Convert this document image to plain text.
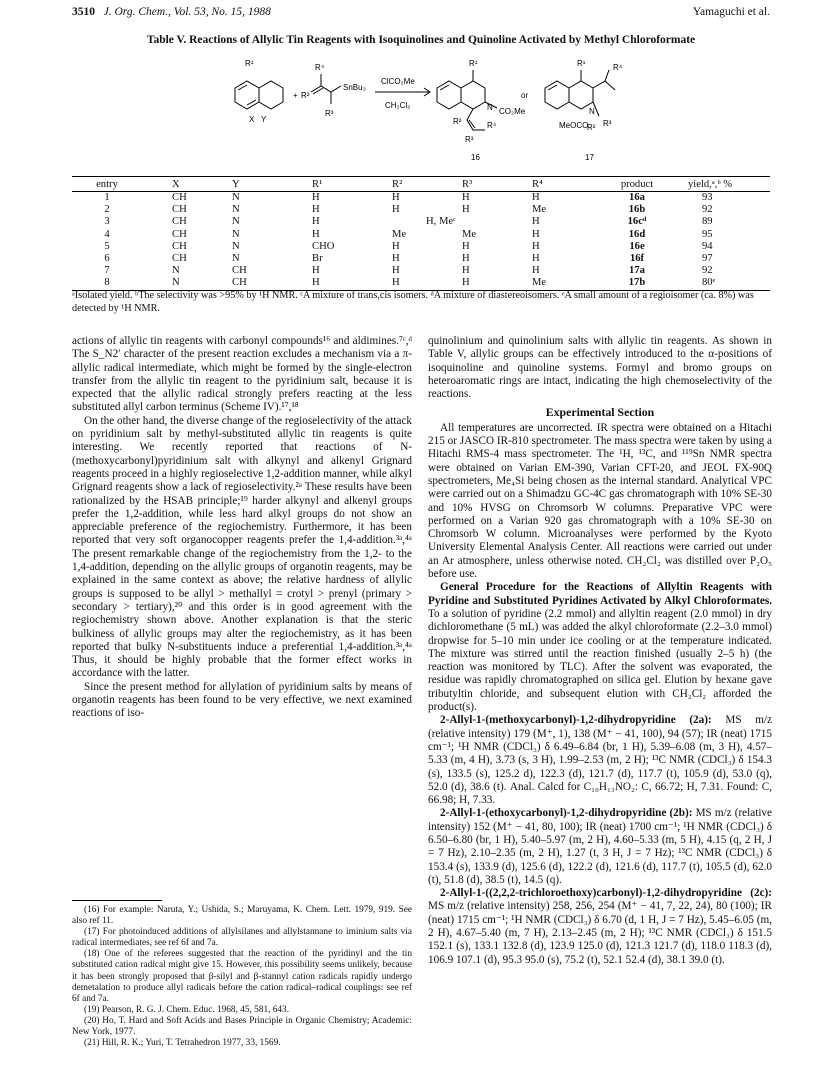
3510 J. Org. Chem., Vol. 53, No. 15, 1988	Yamaguchi et al.
Table V. Reactions of Allylic Tin Reagents with Isoquinolines and Quinoline Activated by Methyl Chloroformate
R¹
X Y
+ R²
R⁴
SnBu₃
R³
ClCO₂Me
CH₂Cl₂
R¹
N CO₂Me
R²	R⁴
R³
16
or
R¹	R⁴
N
MeOCO
R² R³
17
entry	X	Y	R¹	R²	R³	R⁴	product	yield,ᵃ,ᵇ %
1	CH	N	H	H	H	H	16a	93
2	CH	N	H	H	H	Me	16b	92
3	CH	N	H	H, Meᶜ		H	16cᵈ	89
4	CH	N	H	Me	Me	H	16d	95
5	CH	N	CHO	H	H	H	16e	94
6	CH	N	Br	H	H	H	16f	97
7	N	CH	H	H	H	H	17a	92
8	N	CH	H	H	H	Me	17b	80ᵉ
ᵃIsolated yield. ᵇThe selectivity was >95% by ¹H NMR. ᶜA mixture of trans,cis isomers. ᵈA mixture of diastereoisomers. ᵉA small amount of a regioisomer (ca. 8%) was detected by ¹H NMR.

actions of allylic tin reagents with carbonyl compounds¹⁶ and aldimines.⁷ᶜ,ᵈ The S_N2′ character of the present reaction excludes a mechanism via a π-allylic radical intermediate, which might be formed by the single-electron transfer from the allylic tin reagent to the pyridinium salt, because it is expected that the allylic radical strongly prefers reacting at the less substituted allyl carbon terminus (Scheme IV).¹⁷,¹⁸

On the other hand, the diverse change of the regioselectivity of the attack on pyridinium salt by methyl-substituted allylic tin reagents is quite interesting. We recently reported that reactions of N-(methoxycarbonyl)pyridinium salt with alkynyl and alkenyl Grignard reagents proceed in a highly regioselective 1,2-addition manner, while alkyl Grignard reagents show a lack of regioselectivity.²ᵃ These results have been rationalized by the HSAB principle;¹⁹ harder alkynyl and alkenyl groups prefer the 1,2-addition, while less hard alkyl groups do not show an appreciable preference of the regiochemistry. Furthermore, it has been reported that very soft organocopper reagents prefer the 1,4-addition.³ᵃ,⁴ᵃ The present remarkable change of the regiochemistry from the 1,2- to the 1,4-addition, depending on the allylic groups of organotin reagents, may be explained in the same context as above; the relative hardness of allylic groups is supposed to be allyl > methallyl = crotyl > prenyl (primary > secondary > tertiary),²⁰ and this order is in good agreement with the regiochemistry shown above. Another explanation is that the steric bulkiness of allylic groups may alter the regiochemistry, as it has been reported that bulky N-substituents induce a preferential 1,4-addition.³ᵃ,⁴ᵃ Thus, it should be highly probable that the former effect works in accordance with the latter.

Since the present method for allylation of pyridinium salts by means of organotin reagents has been found to be very effective, we next examined reactions of iso-

(16) For example: Naruta, Y.; Ushida, S.; Maruyama, K. Chem. Lett. 1979, 919. See also ref 11.

(17) For photoinduced additions of allylsilanes and allylstannane to iminium salts via radical intermediates, see ref 6f and 7a.

(18) One of the referees suggested that the reaction of the pyridinyl and the tin substituted cation radical might give 15. However, this possibility seems unlikely, because it has been strongly proposed that β-silyl and β-stannyl cation radicals rapidly undergo demetalation to produce allyl radicals before the cation radical–radical couplings: see ref 6f and 7a.

(19) Pearson, R. G. J. Chem. Educ. 1968, 45, 581, 643.

(20) Ho, T. Hard and Soft Acids and Bases Principle in Organic Chemistry; Academic: New York, 1977.

(21) Hill, R. K.; Yuri, T. Tetrahedron 1977, 33, 1569.

quinolinium and quinolinium salts with allylic tin reagents. As shown in Table V, allylic groups can be effectively introduced to the α-positions of isoquinoline and quinoline systems. Formyl and bromo groups on heteroaromatic rings are intact, indicating the high chemoselectivity of the reactions.

Experimental Section

All temperatures are uncorrected. IR spectra were obtained on a Hitachi 215 or JASCO IR-810 spectrometer. The mass spectra were taken by using a Hitachi RMS-4 mass spectrometer. The ¹H, ¹³C, and ¹¹⁹Sn NMR spectra were obtained on Varian EM-390, Varian CFT-20, and JEOL FX-90Q spectrometers, Me₄Si being chosen as the internal standard. Analytical VPC were carried out on a Shimadzu GC-4C gas chromatograph with 10% SE-30 and 10% HVSG on Chromsorb W columns. Preparative VPC were performed on a Varian 920 gas chromatograph with a 10% SE-30 on Chromsorb W column. Microanalyses were performed by the Kyoto University Elemental Analysis Center. All reactions were carried out under an Ar atmosphere, unless otherwise noted. CH₂Cl₂ was distilled over P₂O₅ before use.

General Procedure for the Reactions of Allyltin Reagents with Pyridine and Substituted Pyridines Activated by Alkyl Chloroformates. To a solution of pyridine (2.2 mmol) and allyltin reagent (2.0 mmol) in dry dichloromethane (5 mL) was added the alkyl chloroformate (2.2–3.0 mmol) dropwise for 5–10 min under ice cooling or at the temperature indicated. The mixture was stirred until the reaction finished (usually 2–5 h) (the reaction was monitored by TLC). After the solvent was evaporated, the residue was rapidly chromatographed on silica gel. Elution by hexane gave tributyltin chloride, and subsequent elution with CH₂Cl₂ afforded the product(s).

2-Allyl-1-(methoxycarbonyl)-1,2-dihydropyridine (2a): MS m/z (relative intensity) 179 (M⁺, 1), 138 (M⁺ − 41, 100), 94 (57); IR (neat) 1715 cm⁻¹; ¹H NMR (CDCl₃) δ 6.49–6.84 (br, 1 H), 5.39–6.08 (m, 3 H), 4.57–5.33 (m, 4 H), 3.73 (s, 3 H), 1.99–2.53 (m, 2 H); ¹³C NMR (CDCl₃) δ 154.3 (s), 133.5 (s), 125.2 d), 122.3 (d), 121.7 (d), 117.7 (t), 105.9 (d), 53.0 (q), 52.0 (d), 38.6 (t). Anal. Calcd for C₁₀H₁₃NO₂: C, 66.72; H, 7.31. Found: C, 66.98; H, 7.33.

2-Allyl-1-(ethoxycarbonyl)-1,2-dihydropyridine (2b): MS m/z (relative intensity) 152 (M⁺ − 41, 80, 100); IR (neat) 1700 cm⁻¹; ¹H NMR (CDCl₃) δ 6.50–6.80 (br, 1 H), 5.40–5.97 (m, 2 H), 4.60–5.33 (m, 5 H), 4.15 (q, 2 H, J = 7 Hz), 2.10–2.35 (m, 2 H), 1.27 (t, 3 H, J = 7 Hz); ¹³C NMR (CDCl₃) δ 153.4 (s), 133.9 (d), 125.6 (d), 122.2 (d), 121.6 (d), 117.7 (t), 105.5 (d), 62.0 (t), 51.8 (d), 38.5 (t), 14.5 (q).

2-Allyl-1-((2,2,2-trichloroethoxy)carbonyl)-1,2-dihydropyridine (2c): MS m/z (relative intensity) 258, 256, 254 (M⁺ − 41, 7, 22, 24), 80 (100); IR (neat) 1715 cm⁻¹; ¹H NMR (CDCl₃) δ 6.70 (d, 1 H, J = 7 Hz), 5.45–6.05 (m, 2 H), 4.67–5.40 (m, 7 H), 2.13–2.45 (m, 2 H); ¹³C NMR (CDCl₃) δ 151.5 152.1 (s), 133.1 132.8 (d), 123.9 125.0 (d), 121.3 121.7 (d), 118.0 118.3 (d), 106.9 107.1 (d), 95.3 95.0 (s), 75.2 (t), 52.1 52.4 (d), 38.1 39.0 (t).
